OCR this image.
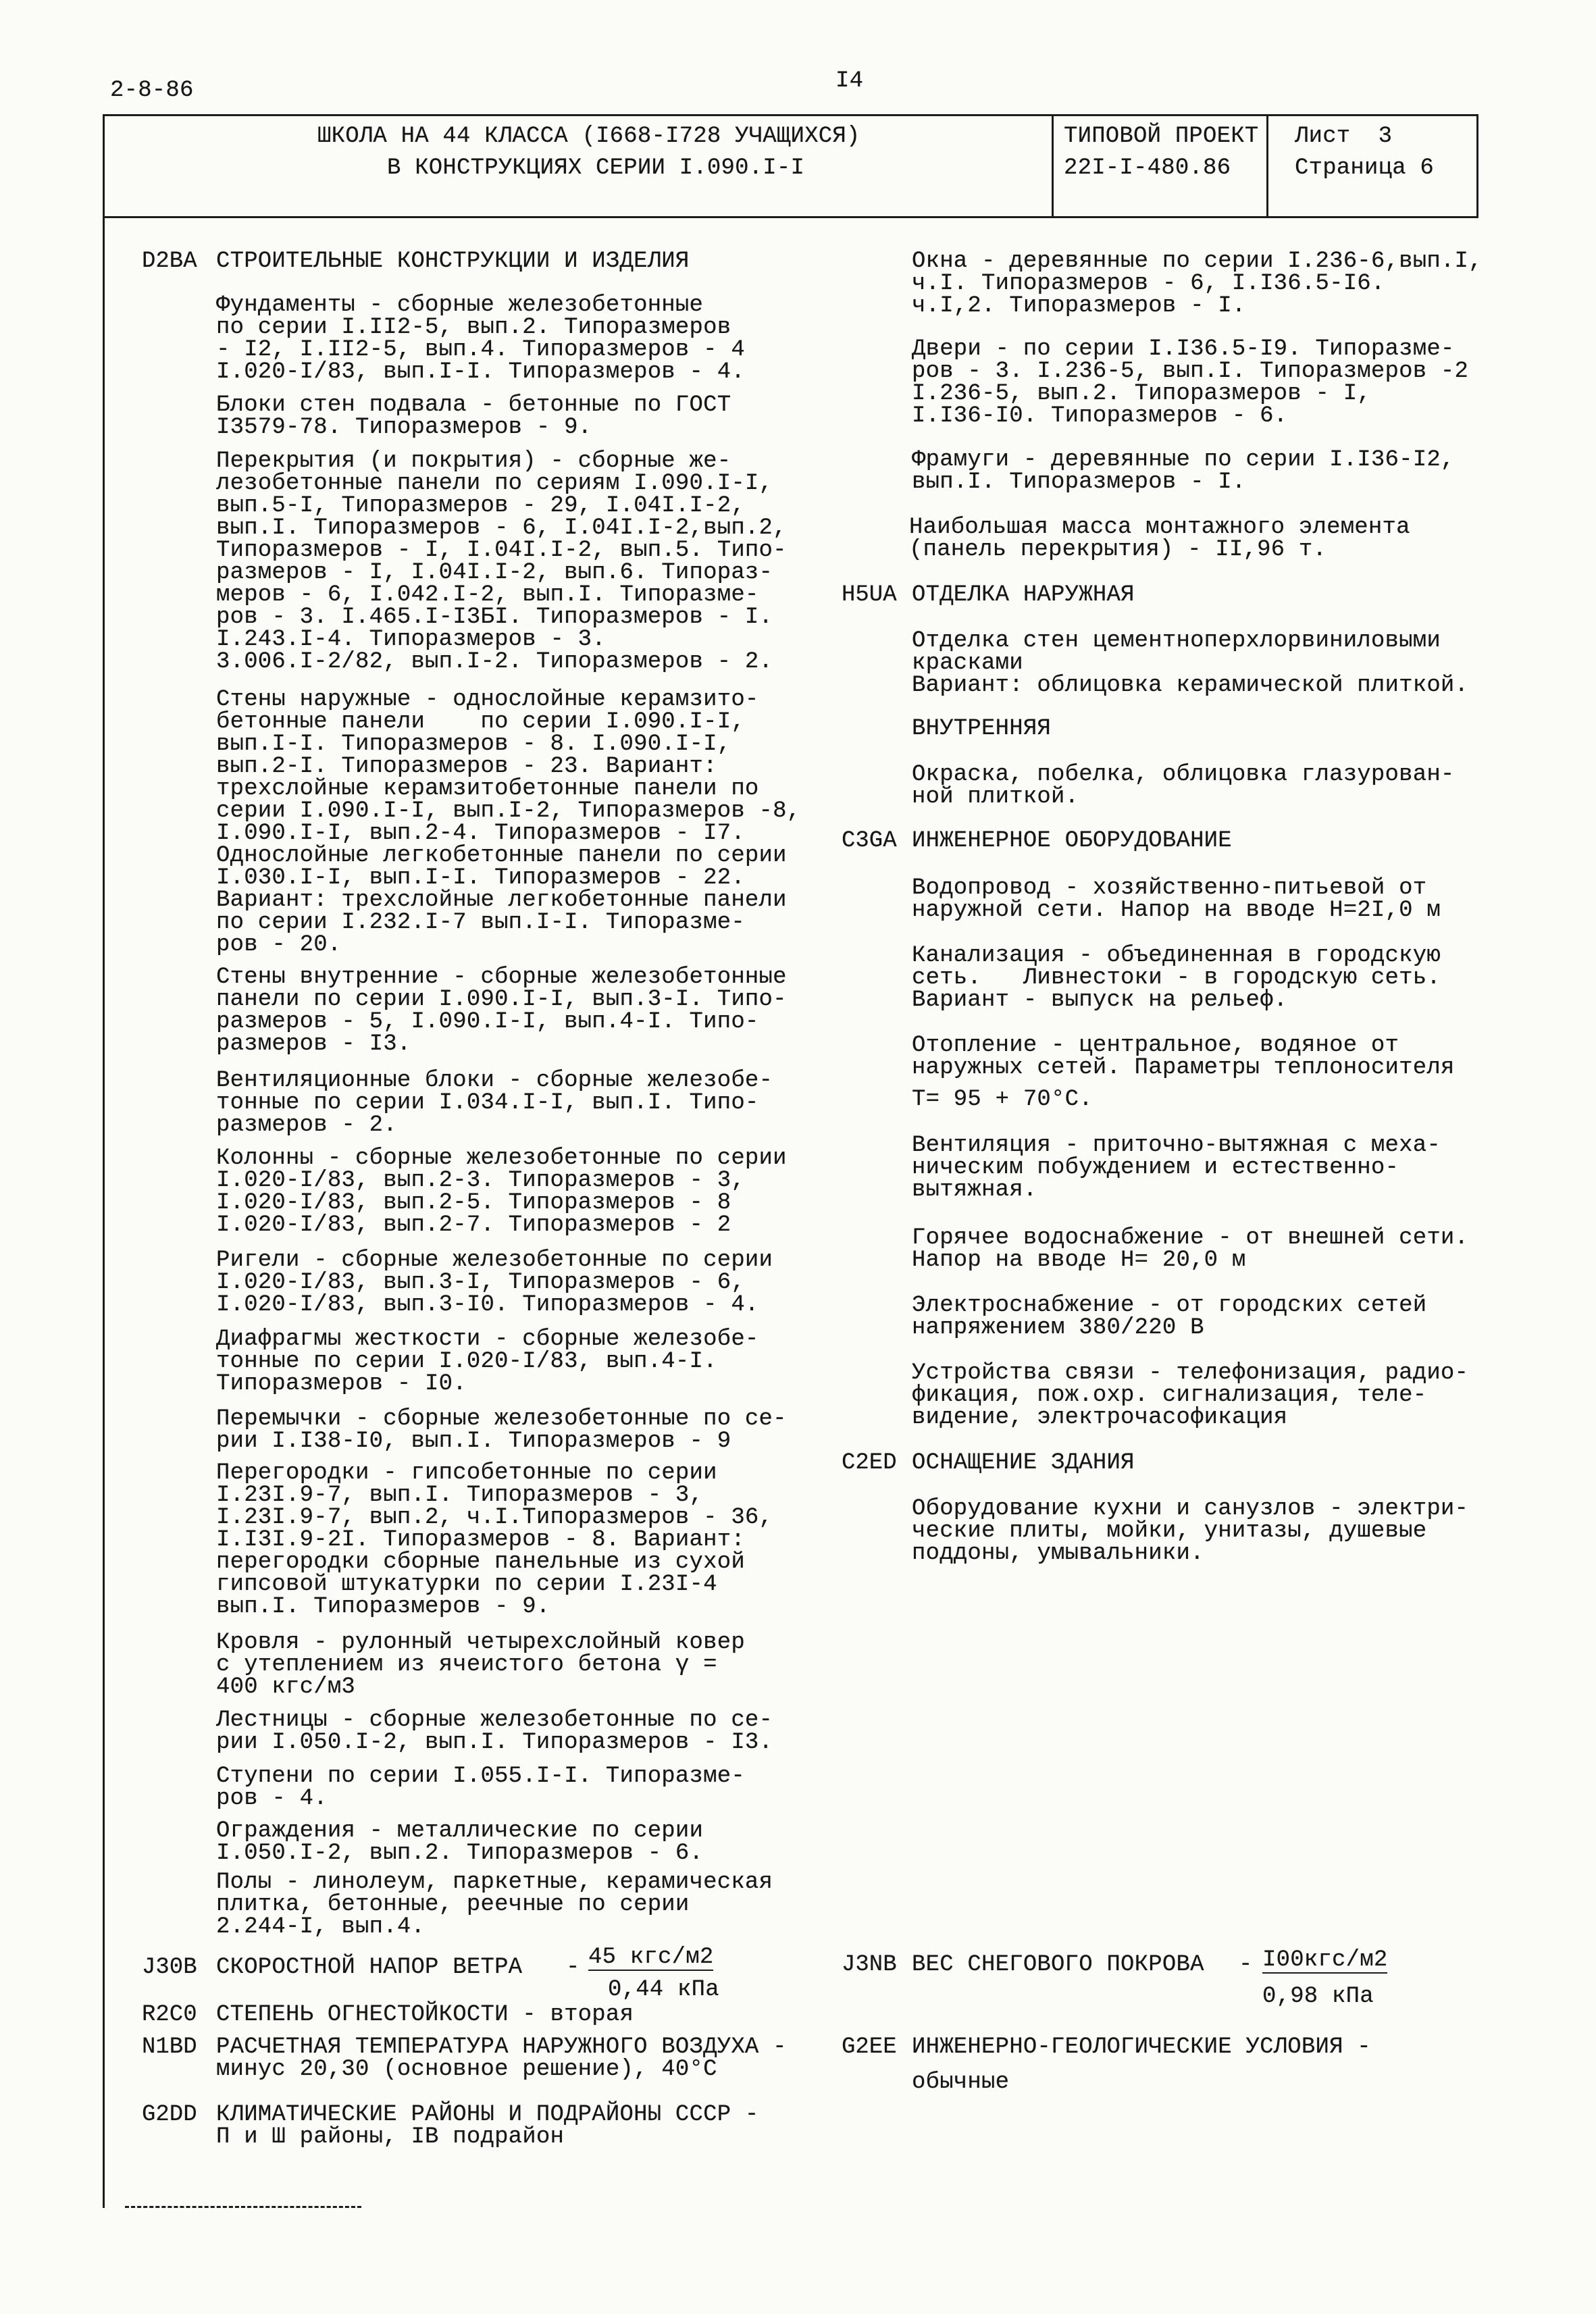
2-8-86	I4
ШКОЛА НА 44 КЛАССА (I668-I728 УЧАЩИХСЯ)
В КОНСТРУКЦИЯХ СЕРИИ I.090.I-I
ТИПОВОЙ ПРОЕКТ
22I-I-480.86
Лист  3
Страница 6
D2BA СТРОИТЕЛЬНЫЕ КОНСТРУКЦИИ И ИЗДЕЛИЯ
Фундаменты - сборные железобетонные
по серии I.II2-5, вып.2. Типоразмеров
- I2, I.II2-5, вып.4. Типоразмеров - 4
I.020-I/83, вып.I-I. Типоразмеров - 4.
Блоки стен подвала - бетонные по ГОСТ
I3579-78. Типоразмеров - 9.
Перекрытия (и покрытия) - сборные же-
лезобетонные панели по сериям I.090.I-I,
вып.5-I, Типоразмеров - 29, I.04I.I-2,
вып.I. Типоразмеров - 6, I.04I.I-2,вып.2,
Типоразмеров - I, I.04I.I-2, вып.5. Типо-
размеров - I, I.04I.I-2, вып.6. Типораз-
меров - 6, I.042.I-2, вып.I. Типоразме-
ров - 3. I.465.I-I3БI. Типоразмеров - I.
I.243.I-4. Типоразмеров - 3.
3.006.I-2/82, вып.I-2. Типоразмеров - 2.
Стены наружные - однослойные керамзито-
бетонные панели    по серии I.090.I-I,
вып.I-I. Типоразмеров - 8. I.090.I-I,
вып.2-I. Типоразмеров - 23. Вариант:
трехслойные керамзитобетонные панели по
серии I.090.I-I, вып.I-2, Типоразмеров -8,
I.090.I-I, вып.2-4. Типоразмеров - I7.
Однослойные легкобетонные панели по серии
I.030.I-I, вып.I-I. Типоразмеров - 22.
Вариант: трехслойные легкобетонные панели
по серии I.232.I-7 вып.I-I. Типоразме-
ров - 20.
Стены внутренние - сборные железобетонные
панели по серии I.090.I-I, вып.3-I. Типо-
размеров - 5, I.090.I-I, вып.4-I. Типо-
размеров - I3.
Вентиляционные блоки - сборные железобе-
тонные по серии I.034.I-I, вып.I. Типо-
размеров - 2.
Колонны - сборные железобетонные по серии
I.020-I/83, вып.2-3. Типоразмеров - 3,
I.020-I/83, вып.2-5. Типоразмеров - 8
I.020-I/83, вып.2-7. Типоразмеров - 2
Ригели - сборные железобетонные по серии
I.020-I/83, вып.3-I, Типоразмеров - 6,
I.020-I/83, вып.3-I0. Типоразмеров - 4.
Диафрагмы жесткости - сборные железобе-
тонные по серии I.020-I/83, вып.4-I.
Типоразмеров - I0.
Перемычки - сборные железобетонные по се-
рии I.I38-I0, вып.I. Типоразмеров - 9
Перегородки - гипсобетонные по серии
I.23I.9-7, вып.I. Типоразмеров - 3,
I.23I.9-7, вып.2, ч.I.Типоразмеров - 36,
I.I3I.9-2I. Типоразмеров - 8. Вариант:
перегородки сборные панельные из сухой
гипсовой штукатурки по серии I.23I-4
вып.I. Типоразмеров - 9.
Кровля - рулонный четырехслойный ковер
с утеплением из ячеистого бетона γ =
400 кгс/м3
Лестницы - сборные железобетонные по се-
рии I.050.I-2, вып.I. Типоразмеров - I3.
Ступени по серии I.055.I-I. Типоразме-
ров - 4.
Ограждения - металлические по серии
I.050.I-2, вып.2. Типоразмеров - 6.
Полы - линолеум, паркетные, керамическая
плитка, бетонные, реечные по серии
2.244-I, вып.4.
J30B СКОРОСТНОЙ НАПОР ВЕТРА - 45 кгс/м2
0,44 кПа
R2C0 СТЕПЕНЬ ОГНЕСТОЙКОСТИ - вторая
N1BD РАСЧЕТНАЯ ТЕМПЕРАТУРА НАРУЖНОГО ВОЗДУХА -
минус 20,30 (основное решение), 40°С
G2DD КЛИМАТИЧЕСКИЕ РАЙОНЫ И ПОДРАЙОНЫ СССР -
П и Ш районы, IВ подрайон
Окна - деревянные по серии I.236-6,вып.I,
ч.I. Типоразмеров - 6, I.I36.5-I6.
ч.I,2. Типоразмеров - I.
Двери - по серии I.I36.5-I9. Типоразме-
ров - 3. I.236-5, вып.I. Типоразмеров -2
I.236-5, вып.2. Типоразмеров - I,
I.I36-I0. Типоразмеров - 6.
Фрамуги - деревянные по серии I.I36-I2,
вып.I. Типоразмеров - I.
Наибольшая масса монтажного элемента
(панель перекрытия) - II,96 т.
H5UA ОТДЕЛКА НАРУЖНАЯ
Отделка стен цементноперхлорвиниловыми
красками
Вариант: облицовка керамической плиткой.
ВНУТРЕННЯЯ
Окраска, побелка, облицовка глазурован-
ной плиткой.
C3GA ИНЖЕНЕРНОЕ ОБОРУДОВАНИЕ
Водопровод - хозяйственно-питьевой от
наружной сети. Напор на вводе Н=2I,0 м
Канализация - объединенная в городскую
сеть.   Ливнестоки - в городскую сеть.
Вариант - выпуск на рельеф.
Отопление - центральное, водяное от
наружных сетей. Параметры теплоносителя
Т= 95 + 70°С.
Вентиляция - приточно-вытяжная с меха-
ническим побуждением и естественно-
вытяжная.
Горячее водоснабжение - от внешней сети.
Напор на вводе Н= 20,0 м
Электроснабжение - от городских сетей
напряжением 380/220 В
Устройства связи - телефонизация, радио-
фикация, пож.охр. сигнализация, теле-
видение, электрочасофикация
C2ED ОСНАЩЕНИЕ ЗДАНИЯ
Оборудование кухни и санузлов - электри-
ческие плиты, мойки, унитазы, душевые
поддоны, умывальники.
J3NB ВЕС СНЕГОВОГО ПОКРОВА - I00кгс/м2
0,98 кПа
G2EE ИНЖЕНЕРНО-ГЕОЛОГИЧЕСКИЕ УСЛОВИЯ -
обычные
